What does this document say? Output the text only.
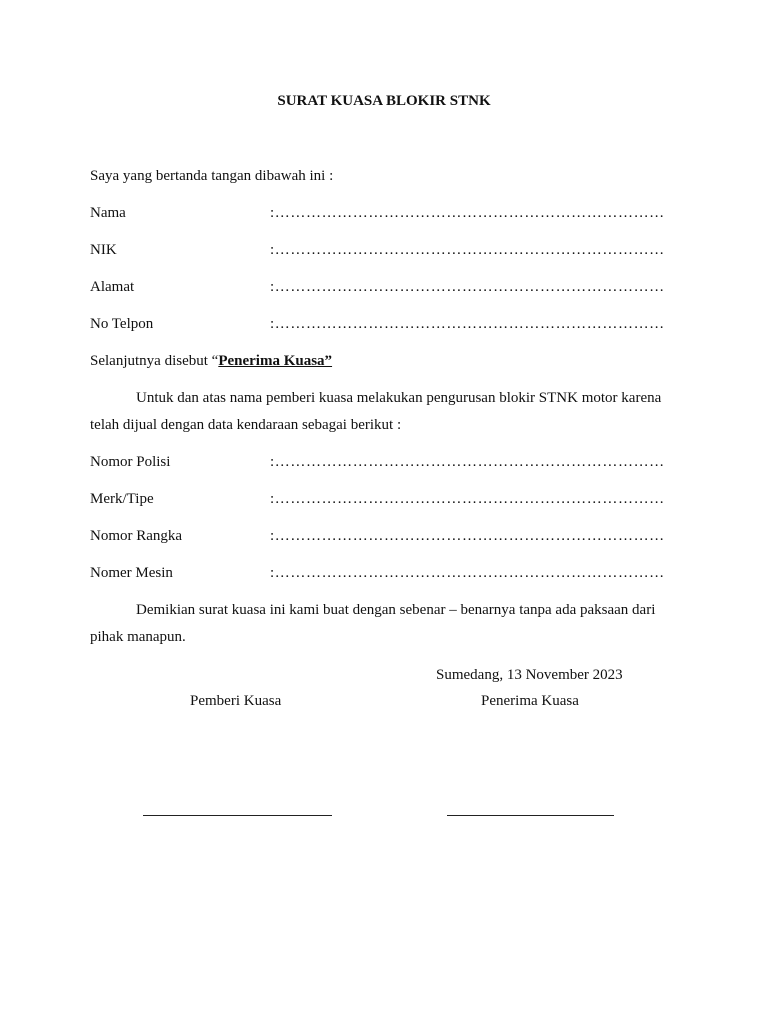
SURAT KUASA BLOKIR STNK
Saya yang bertanda tangan dibawah ini :
Nama	:…………………………………………………………………
NIK	:…………………………………………………………………
Alamat	:…………………………………………………………………
No Telpon	:…………………………………………………………………
Selanjutnya disebut “Penerima Kuasa”
Untuk dan atas nama pemberi kuasa melakukan pengurusan blokir STNK motor karena telah dijual dengan data kendaraan sebagai berikut :
Nomor Polisi	:…………………………………………………………………
Merk/Tipe	:…………………………………………………………………
Nomor Rangka	:…………………………………………………………………
Nomer Mesin	:…………………………………………………………………
Demikian surat kuasa ini kami buat dengan sebenar – benarnya tanpa ada paksaan dari pihak manapun.
Sumedang, 13 November 2023
Pemberi Kuasa	Penerima Kuasa
